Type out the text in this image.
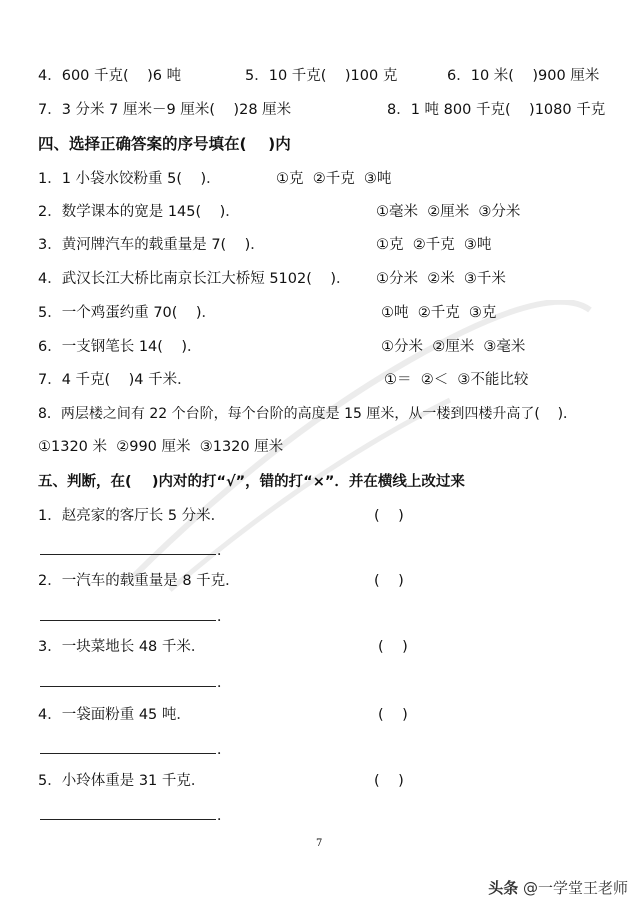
4．600 千克(    )6 吨	5．10 千克(    )100 克	6．10 米(    )900 厘米
7．3 分米 7 厘米－9 厘米(    )28 厘米	8．1 吨 800 千克(    )1080 千克
四、选择正确答案的序号填在(    )内
1．1 小袋水饺粉重 5(    )．	①克  ②千克  ③吨
2．数学课本的宽是 145(    )．	①毫米  ②厘米  ③分米
3．黄河牌汽车的载重量是 7(    )．	①克  ②千克  ③吨
4．武汉长江大桥比南京长江大桥短 5102(    )． ①分米  ②米  ③千米
5．一个鸡蛋约重 70(    )．	①吨  ②千克  ③克
6．一支钢笔长 14(    )．	①分米  ②厘米  ③毫米
7．4 千克(    )4 千米．	①＝  ②＜  ③不能比较
8．两层楼之间有 22 个台阶，每个台阶的高度是 15 厘米，从一楼到四楼升高了(    )．
①1320 米  ②990 厘米  ③1320 厘米
五、判断，在(    )内对的打“√”，错的打“×”．并在横线上改过来
1．赵亮家的客厅长 5 分米．	(    )
．
2．一汽车的载重量是 8 千克．	(    )
．
3．一块菜地长 48 千米．	(    )
．
4．一袋面粉重 45 吨．	(    )
．
5．小玲体重是 31 千克．	(    )
．
7
头条 @一学堂王老师
